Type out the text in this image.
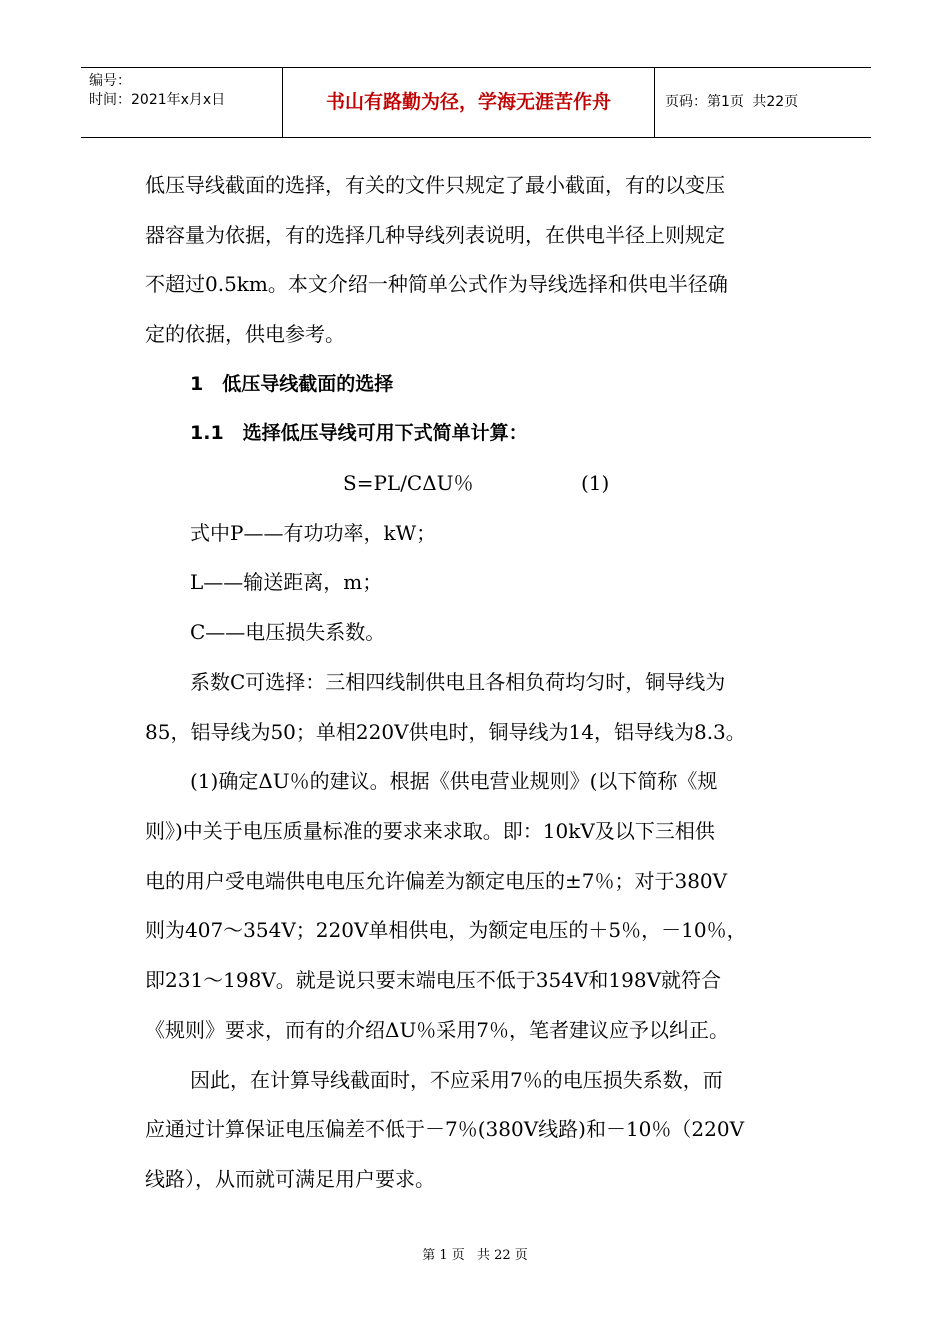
编号：
时间：2021年x月x日	书山有路勤为径，学海无涯苦作舟	页码：第1页 共22页
低压导线截面的选择，有关的文件只规定了最小截面，有的以变压
器容量为依据，有的选择几种导线列表说明，在供电半径上则规定
不超过0.5km。本文介绍一种简单公式作为导线选择和供电半径确
定的依据，供电参考。
1　低压导线截面的选择
1.1　选择低压导线可用下式简单计算：
S=PL/CΔU％	(1)
式中P——有功功率，kW；
L——输送距离，m；
C——电压损失系数。
系数C可选择：三相四线制供电且各相负荷均匀时，铜导线为
85，铝导线为50；单相220V供电时，铜导线为14，铝导线为8.3。
(1)确定ΔU％的建议。根据《供电营业规则》(以下简称《规
则》)中关于电压质量标准的要求来求取。即：10kV及以下三相供
电的用户受电端供电电压允许偏差为额定电压的±7％；对于380V
则为407～354V；220V单相供电，为额定电压的＋5％，－10％，
即231～198V。就是说只要末端电压不低于354V和198V就符合
《规则》要求，而有的介绍ΔU％采用7％，笔者建议应予以纠正。
因此，在计算导线截面时，不应采用7％的电压损失系数，而
应通过计算保证电压偏差不低于－7％(380V线路)和－10％（220V
线路），从而就可满足用户要求。
第 1 页 共 22 页
